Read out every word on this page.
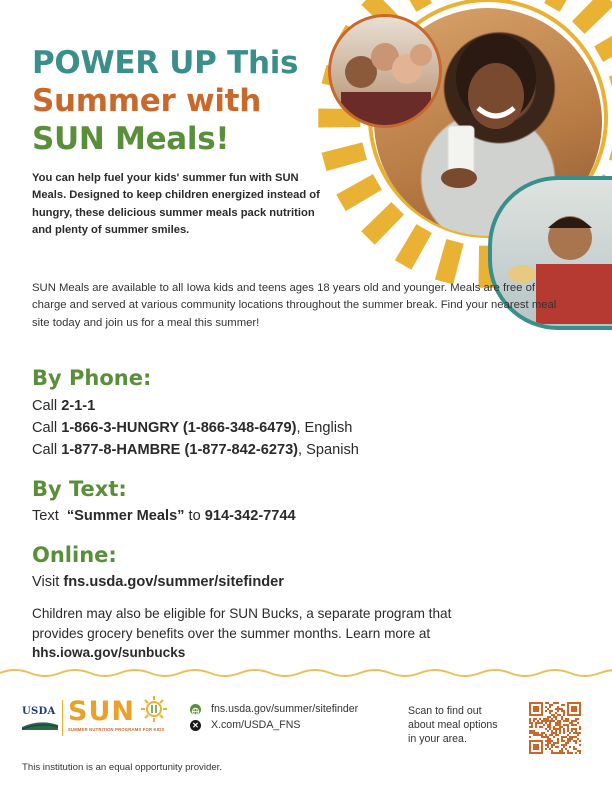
POWER UP This
Summer with
SUN Meals!
You can help fuel your kids' summer fun with SUN Meals. Designed to keep children energized instead of hungry, these delicious summer meals pack nutrition and plenty of summer smiles.
SUN Meals are available to all Iowa kids and teens ages 18 years old and younger. Meals are free of charge and served at various community locations throughout the summer break. Find your nearest meal site today and join us for a meal this summer!
By Phone:
Call 2-1-1
Call 1-866-3-HUNGRY (1-866-348-6479), English
Call 1-877-8-HAMBRE (1-877-842-6273), Spanish
By Text:
Text  “Summer Meals” to 914-342-7744
Online:
Visit fns.usda.gov/summer/sitefinder
Children may also be eligible for SUN Bucks, a separate program that provides grocery benefits over the summer months. Learn more at hhs.iowa.gov/sunbucks
USDA SUN
SUMMER NUTRITION PROGRAMS FOR KIDS
fns.usda.gov/summer/sitefinder
✕ X.com/USDA_FNS
Scan to find out
about meal options
in your area.
This institution is an equal opportunity provider.
